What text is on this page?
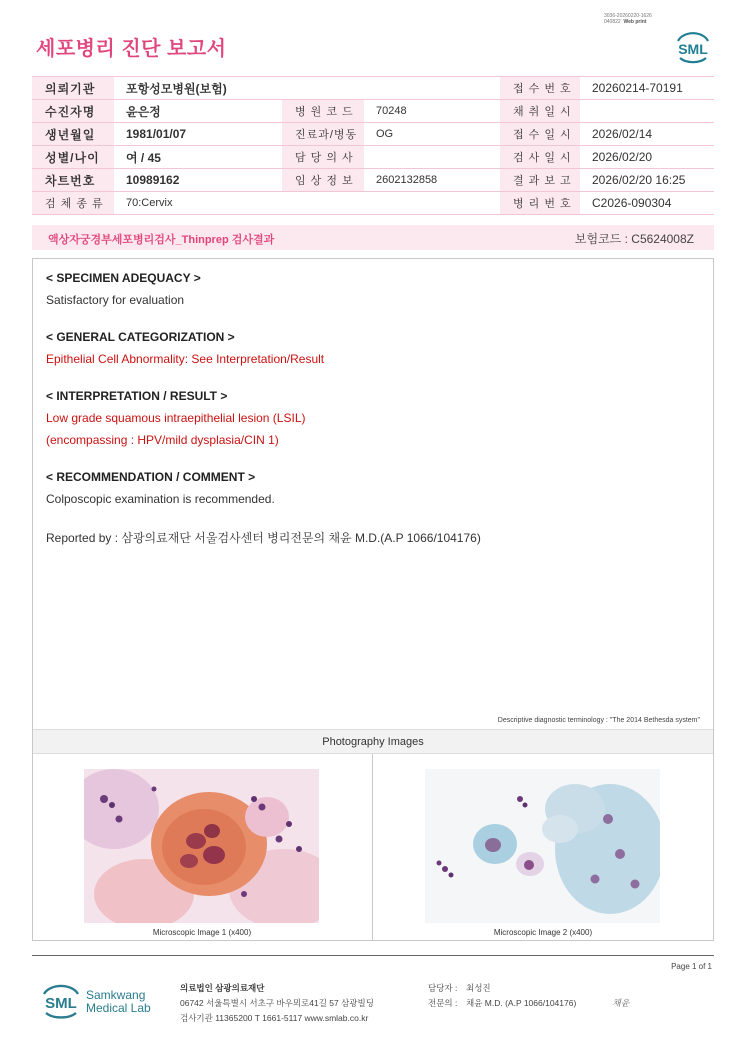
3036-20260220-1626
040822 Web print
세포병리 진단 보고서	SML
의뢰기관	포항성모병원(보험)			접 수 번 호	20260214-70191
수진자명	윤은정	병 원 코 드	70248	채 취 일 시	
생년월일	1981/01/07	진료과/병동	OG	접 수 일 시	2026/02/14
성별/나이	여 / 45	담 당 의 사		검 사 일 시	2026/02/20
차트번호	10989162	임 상 정 보	2602132858	결 과 보 고	2026/02/20 16:25
검 체 종 류	70:Cervix			병 리 번 호	C2026-090304
액상자궁경부세포병리검사_Thinprep 검사결과	보험코드 : C5624008Z
< SPECIMEN ADEQUACY >
Satisfactory for evaluation
< GENERAL CATEGORIZATION >
Epithelial Cell Abnormality: See Interpretation/Result
< INTERPRETATION / RESULT >
Low grade squamous intraepithelial lesion (LSIL)
(encompassing : HPV/mild dysplasia/CIN 1)
< RECOMMENDATION / COMMENT >
Colposcopic examination is recommended.
Reported by : 삼광의료재단 서울검사센터 병리전문의 채윤 M.D.(A.P 1066/104176)
Descriptive diagnostic terminology : "The 2014 Bethesda system"
Photography Images
Microscopic Image 1 (x400)	Microscopic Image 2 (x400)
Page 1 of 1
SML Samkwang
Medical Lab
의료법인 삼광의료재단
06742 서울특별시 서초구 바우뫼로41길 57 삼광빌딩
검사기관 11365200 T 1661-5117 www.smlab.co.kr
담당자 : 최성진
전문의 : 채윤 M.D. (A.P 1066/104176)	채윤
